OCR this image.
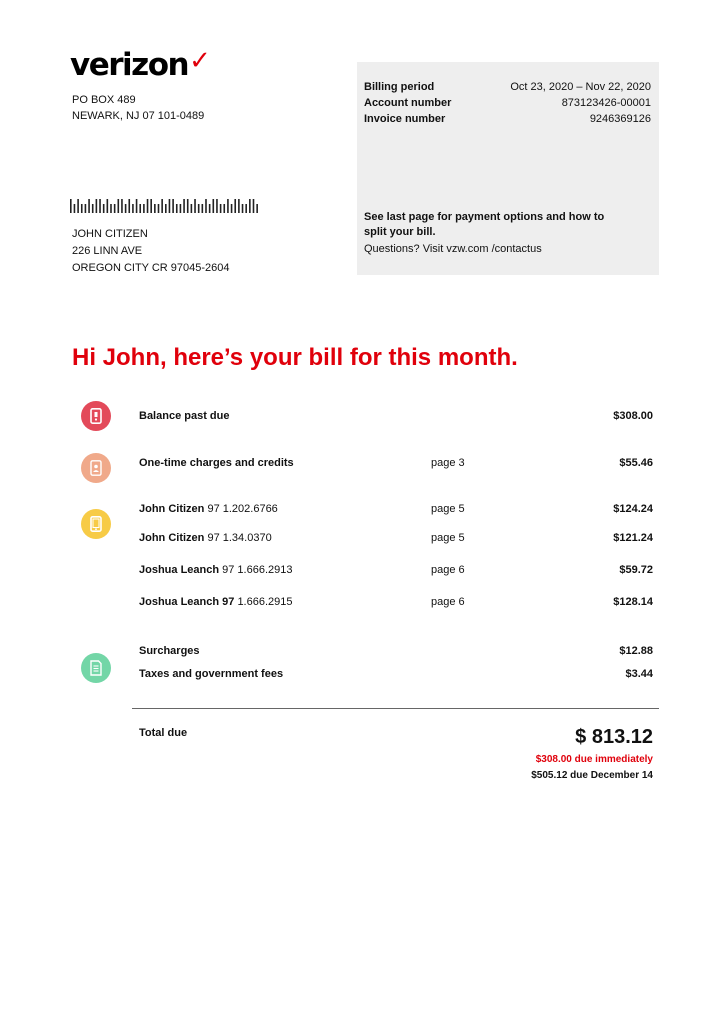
verizon✓
PO BOX 489
NEWARK, NJ 07 101-0489
JOHN CITIZEN
226 LINN AVE
OREGON CITY CR 97045-2604
Billing period	Oct 23, 2020 – Nov 22, 2020
Account number	873123426-00001
Invoice number	9246369126
See last page for payment options and how to split your bill.
Questions? Visit vzw.com /contactus
Hi John, here’s your bill for this month.
Balance past due	$308.00
One-time charges and credits	page 3	$55.46
John Citizen 97 1.202.6766	page 5	$124.24
John Citizen 97 1.34.0370	page 5	$121.24
Joshua Leanch 97 1.666.2913	page 6	$59.72
Joshua Leanch 97 1.666.2915	page 6	$128.14
Surcharges	$12.88
Taxes and government fees	$3.44
Total due	$ 813.12
$308.00 due immediately
$505.12 due December 14
